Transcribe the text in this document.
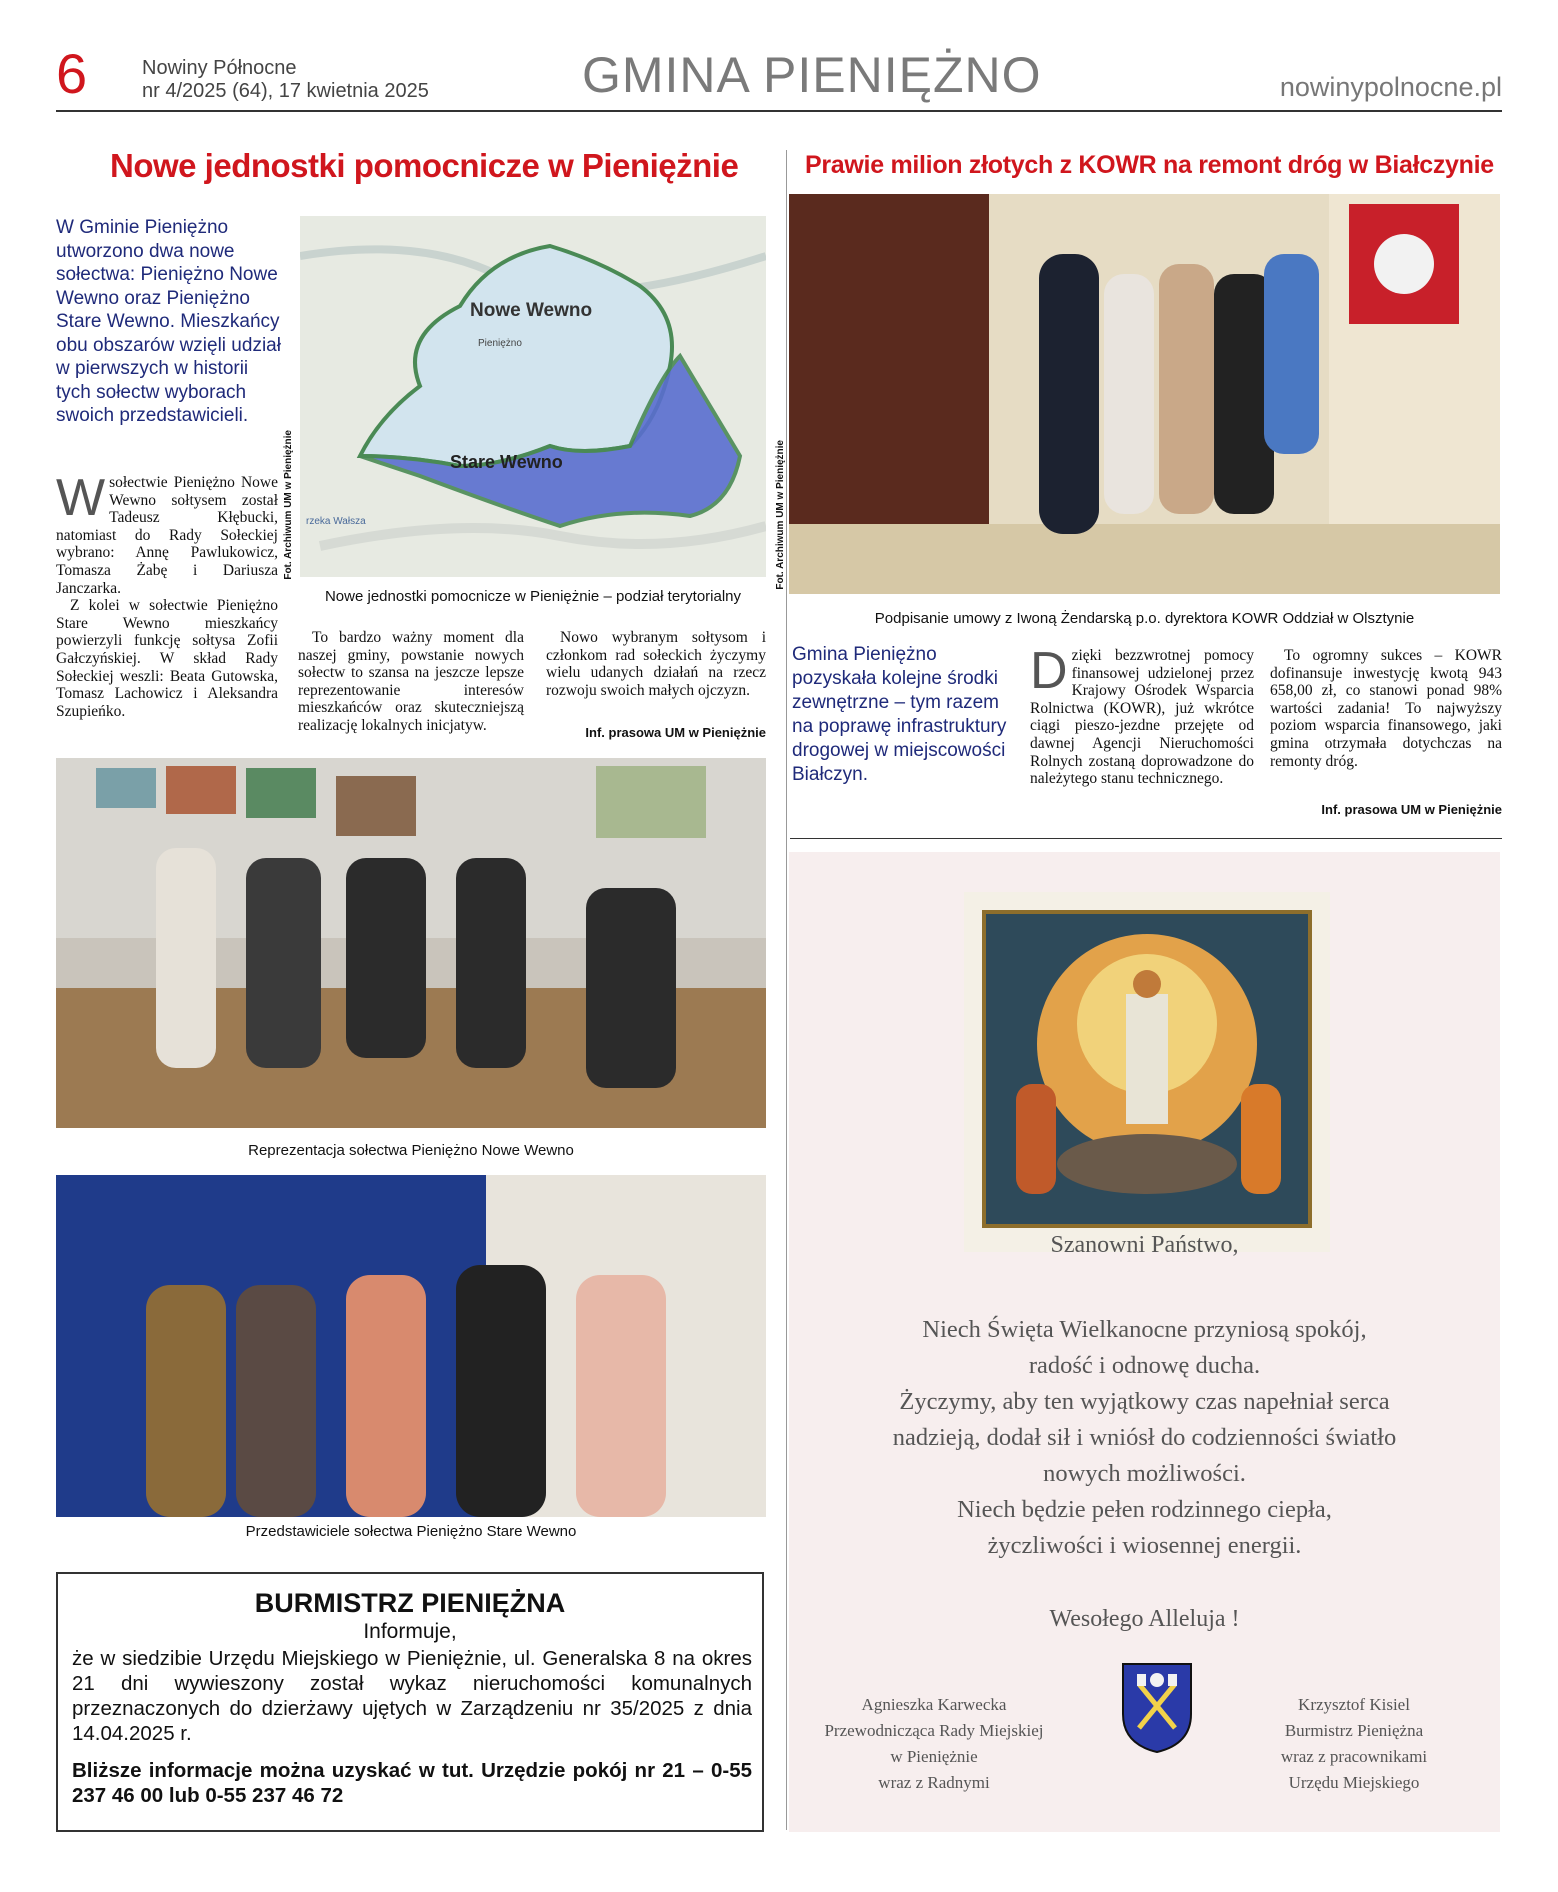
6	Nowiny Północne
nr 4/2025 (64), 17 kwietnia 2025	GMINA PIENIĘŻNO	nowinypolnocne.pl
Nowe jednostki pomocnicze w Pieniężnie
W Gminie Pieniężno utworzono dwa nowe sołectwa: Pieniężno Nowe Wewno oraz Pieniężno Stare Wewno. Mieszkańcy obu obszarów wzięli udział w pierwszych w historii tych sołectw wyborach swoich przedstawicieli.
Nowe Wewno
Pieniężno
Stare Wewno
rzeka Wałsza
Fot. Archiwum UM w Pieniężnie
Nowe jednostki pomocnicze w Pieniężnie – podział terytorialny
W sołectwie Pieniężno Nowe Wewno sołtysem został Tadeusz Kłębucki, natomiast do Rady Sołeckiej wybrano: Annę Pawlukowicz, Tomasza Żabę i Dariusza Janczarka.

Z kolei w sołectwie Pieniężno Stare Wewno mieszkańcy powierzyli funkcję sołtysa Zofii Gałczyńskiej. W skład Rady Sołeckiej weszli: Beata Gutowska, Tomasz Lachowicz i Aleksandra Szupieńko.

To bardzo ważny moment dla naszej gminy, powstanie nowych sołectw to szansa na jeszcze lepsze reprezentowanie interesów mieszkańców oraz skuteczniejszą realizację lokalnych inicjatyw.

Nowo wybranym sołtysom i członkom rad sołeckich życzymy wielu udanych działań na rzecz rozwoju swoich małych ojczyzn.

Inf. prasowa UM w Pieniężnie
Reprezentacja sołectwa Pieniężno Nowe Wewno
Przedstawiciele sołectwa Pieniężno Stare Wewno
BURMISTRZ PIENIĘŻNA
Informuje,
że w siedzibie Urzędu Miejskiego w Pieniężnie, ul. Generalska 8 na okres 21 dni wywieszony został wykaz nieruchomości komunalnych przeznaczonych do dzierżawy ujętych w Zarządzeniu nr 35/2025 z dnia 14.04.2025 r.
Bliższe informacje można uzyskać w tut. Urzędzie pokój nr 21 – 0-55 237 46 00 lub 0-55 237 46 72
Prawie milion złotych z KOWR na remont dróg w Białczynie
Fot. Archiwum UM w Pieniężnie
Podpisanie umowy z Iwoną Żendarską p.o. dyrektora KOWR Oddział w Olsztynie
Gmina Pieniężno pozyskała kolejne środki zewnętrzne – tym razem na poprawę infrastruktury drogowej w miejscowości Białczyn.
D zięki bezzwrotnej pomocy finansowej udzielonej przez Krajowy Ośrodek Wsparcia Rolnictwa (KOWR), już wkrótce ciągi pieszo-jezdne przejęte od dawnej Agencji Nieruchomości Rolnych zostaną doprowadzone do należytego stanu technicznego.

To ogromny sukces – KOWR dofinansuje inwestycję kwotą 943 658,00 zł, co stanowi ponad 98% wartości zadania! To najwyższy poziom wsparcia finansowego, jaki gmina otrzymała dotychczas na remonty dróg.

Inf. prasowa UM w Pieniężnie
Szanowni Państwo,
Niech Święta Wielkanocne przyniosą spokój,
radość i odnowę ducha.
Życzymy, aby ten wyjątkowy czas napełniał serca
nadzieją, dodał sił i wniósł do codzienności światło
nowych możliwości.
Niech będzie pełen rodzinnego ciepła,
życzliwości i wiosennej energii.
Wesołego Alleluja !
Agnieszka Karwecka
Przewodnicząca Rady Miejskiej
w Pieniężnie
wraz z Radnymi
Krzysztof Kisiel
Burmistrz Pieniężna
wraz z pracownikami
Urzędu Miejskiego
